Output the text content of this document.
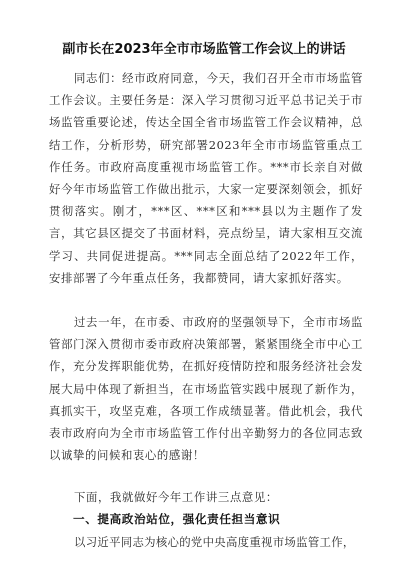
副市长在2023年全市市场监管工作会议上的讲话

同志们：经市政府同意，今天，我们召开全市市场监管工作会议。主要任务是：深入学习贯彻习近平总书记关于市场监管重要论述，传达全国全省市场监管工作会议精神，总结工作，分析形势，研究部署2023年全市市场监管重点工作任务。市政府高度重视市场监管工作。***市长亲自对做好今年市场监管工作做出批示，大家一定要深刻领会，抓好贯彻落实。刚才，***区、***区和***县以为主题作了发言，其它县区提交了书面材料，亮点纷呈，请大家相互交流学习、共同促进提高。***同志全面总结了2022年工作，安排部署了今年重点任务，我都赞同，请大家抓好落实。

过去一年，在市委、市政府的坚强领导下，全市市场监管部门深入贯彻市委市政府决策部署，紧紧围绕全市中心工作，充分发挥职能优势，在抓好疫情防控和服务经济社会发展大局中体现了新担当，在市场监管实践中展现了新作为，真抓实干，攻坚克难，各项工作成绩显著。借此机会，我代表市政府向为全市市场监管工作付出辛勤努力的各位同志致以诚挚的问候和衷心的感谢！

下面，我就做好今年工作讲三点意见：

一、提高政治站位，强化责任担当意识
以习近平同志为核心的党中央高度重视市场监管工作，
